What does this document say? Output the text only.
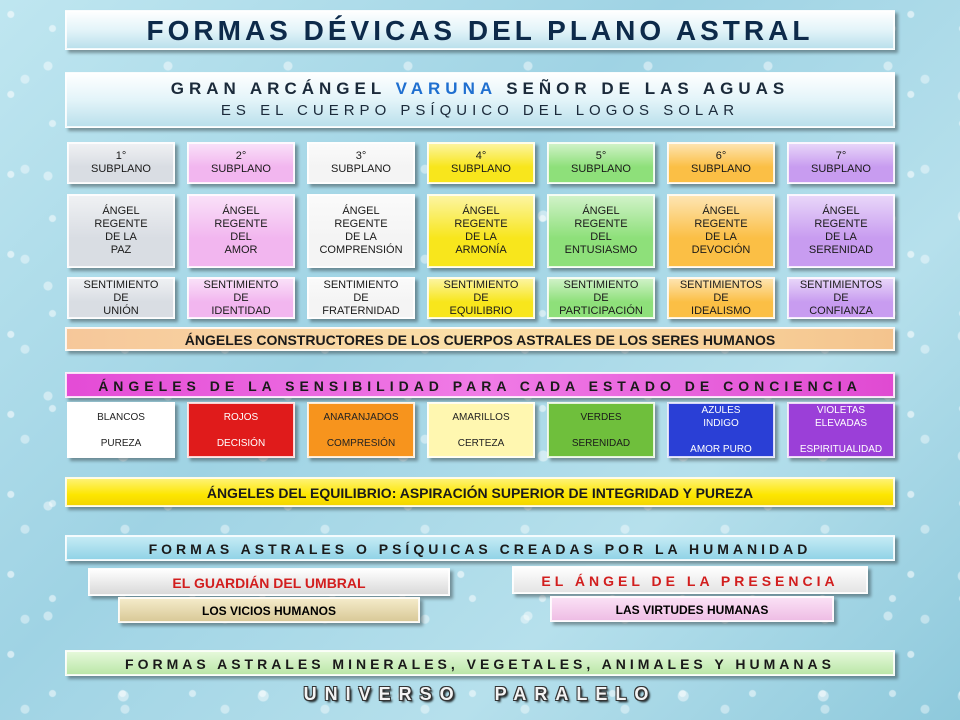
FORMAS DÉVICAS DEL PLANO ASTRAL
GRAN ARCÁNGEL VARUNA SEÑOR DE LAS AGUAS
ES EL CUERPO PSÍQUICO DEL LOGOS SOLAR
1°
SUBPLANO
ÁNGEL
REGENTE
DE LA
PAZ
SENTIMIENTO
DE
UNIÓN
2°
SUBPLANO
ÁNGEL
REGENTE
DEL
AMOR
SENTIMIENTO
DE
IDENTIDAD
3°
SUBPLANO
ÁNGEL
REGENTE
DE LA
COMPRENSIÓN
SENTIMIENTO
DE
FRATERNIDAD
4°
SUBPLANO
ÁNGEL
REGENTE
DE LA
ARMONÍA
SENTIMIENTO
DE
EQUILIBRIO
5°
SUBPLANO
ÁNGEL
REGENTE
DEL
ENTUSIASMO
SENTIMIENTO
DE
PARTICIPACIÓN
6°
SUBPLANO
ÁNGEL
REGENTE
DE LA
DEVOCIÓN
SENTIMIENTOS
DE
IDEALISMO
7°
SUBPLANO
ÁNGEL
REGENTE
DE LA
SERENIDAD
SENTIMIENTOS
DE
CONFIANZA
ÁNGELES CONSTRUCTORES DE LOS CUERPOS ASTRALES DE LOS SERES HUMANOS
ÁNGELES DE LA SENSIBILIDAD PARA CADA ESTADO DE CONCIENCIA
BLANCOS

PUREZA
ROJOS

DECISIÓN
ANARANJADOS

COMPRESIÓN
AMARILLOS

CERTEZA
VERDES

SERENIDAD
AZULES
INDIGO

AMOR PURO
VIOLETAS
ELEVADAS

ESPIRITUALIDAD
ÁNGELES DEL EQUILIBRIO: ASPIRACIÓN SUPERIOR DE INTEGRIDAD Y PUREZA
FORMAS ASTRALES O PSÍQUICAS CREADAS POR LA HUMANIDAD
EL GUARDIÁN DEL UMBRAL
LOS VICIOS HUMANOS
EL ÁNGEL DE LA PRESENCIA
LAS VIRTUDES HUMANAS
FORMAS ASTRALES MINERALES, VEGETALES, ANIMALES Y HUMANAS
UNIVERSO PARALELO
